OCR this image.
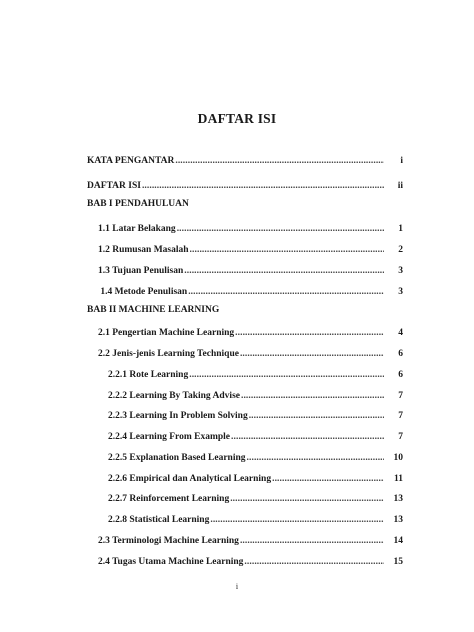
DAFTAR ISI
KATA PENGANTAR .....	i
DAFTAR ISI .....	ii
BAB I PENDAHULUAN
1.1 Latar Belakang .....	1
1.2 Rumusan Masalah .....	2
1.3 Tujuan Penulisan .....	3
1.4 Metode Penulisan .....	3
BAB II MACHINE LEARNING
2.1 Pengertian Machine Learning .....	4
2.2 Jenis-jenis Learning Technique .....	6
2.2.1 Rote Learning .....	6
2.2.2 Learning By Taking Advise .....	7
2.2.3 Learning In Problem Solving .....	7
2.2.4 Learning From Example .....	7
2.2.5 Explanation Based Learning .....	10
2.2.6 Empirical dan Analytical Learning .....	11
2.2.7 Reinforcement Learning .....	13
2.2.8 Statistical Learning .....	13
2.3 Terminologi Machine Learning .....	14
2.4 Tugas Utama Machine Learning .....	15
i
